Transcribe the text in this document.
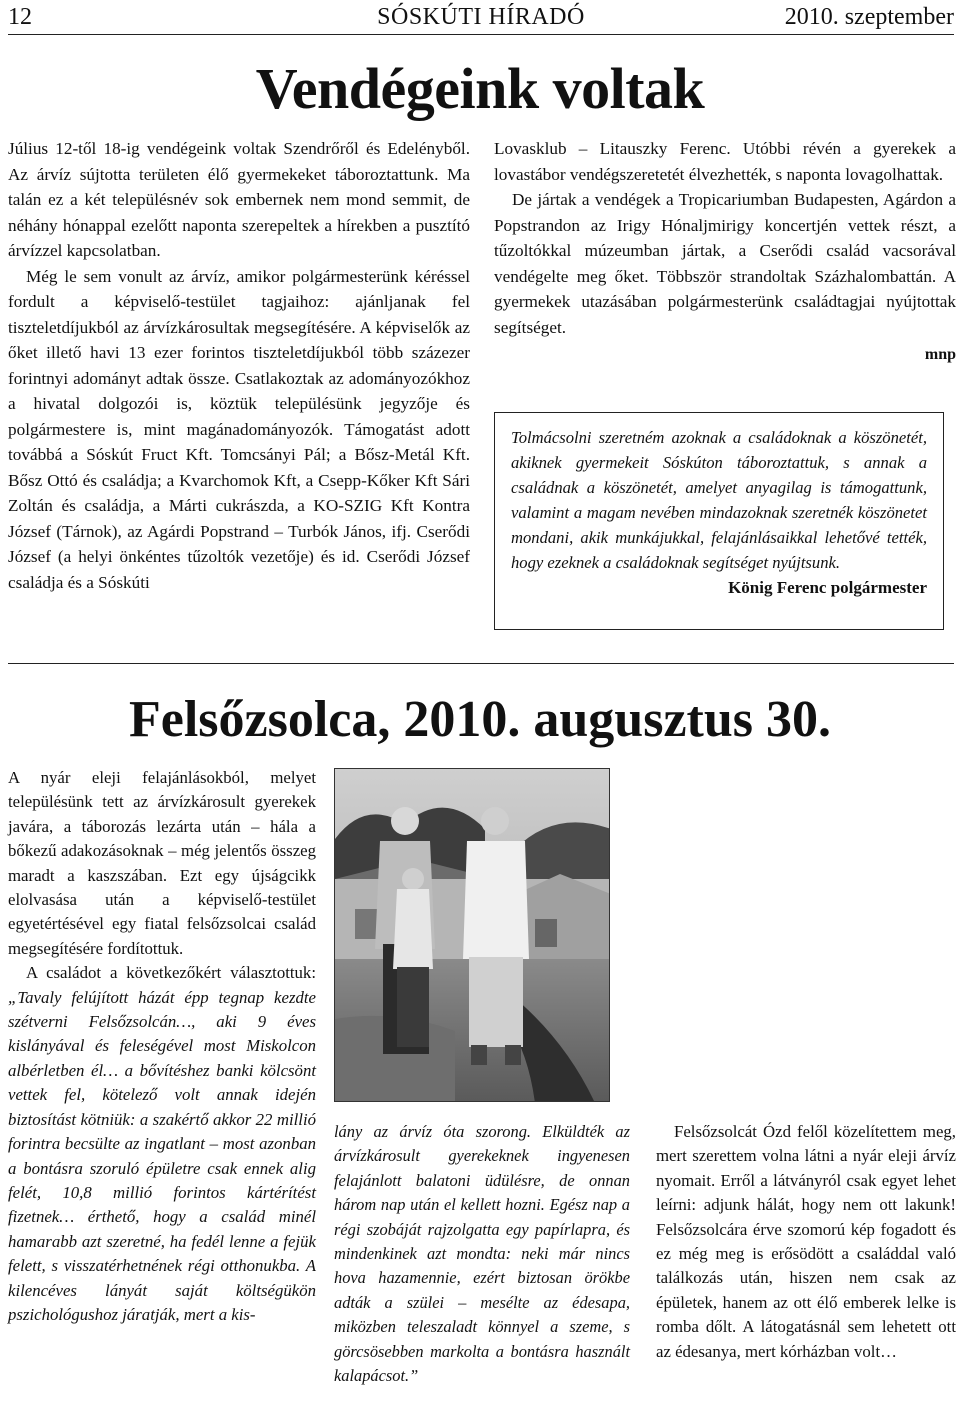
12	SÓSKÚTI HÍRADÓ	2010. szeptember
Vendégeink voltak

Július 12-től 18-ig vendégeink voltak Szendrőről és Edelényből. Az árvíz sújtotta területen élő gyermekeket táboroztattunk. Ma talán ez a két településnév sok embernek nem mond semmit, de néhány hónappal ezelőtt naponta szerepeltek a hírekben a pusztító árvízzel kapcsolatban.

Még le sem vonult az árvíz, amikor polgármesterünk kéréssel fordult a képviselő-testület tagjaihoz: ajánljanak fel tiszteletdíjukból az árvízkárosultak megsegítésére. A képviselők az őket illető havi 13 ezer forintos tiszteletdíjukból több százezer forintnyi adományt adtak össze. Csatlakoztak az adományozókhoz a hivatal dolgozói is, köztük településünk jegyzője és polgármestere is, mint magánadományozók. Támogatást adott továbbá a Sóskút Fruct Kft. Tomcsányi Pál; a Bősz-Metál Kft. Bősz Ottó és családja; a Kvarchomok Kft, a Csepp-Kőker Kft Sári Zoltán és családja, a Márti cukrászda, a KO-SZIG Kft Kontra József (Tárnok), az Agárdi Popstrand – Turbók János, ifj. Cserődi József (a helyi önkéntes tűzoltók vezetője) és id. Cserődi József családja és a Sóskúti

Lovasklub – Litauszky Ferenc. Utóbbi révén a gyerekek a lovastábor vendégszeretetét élvezhették, s naponta lovagolhattak.

De jártak a vendégek a Tropicariumban Budapesten, Agárdon a Popstrandon az Irigy Hónaljmirigy koncertjén vettek részt, a tűzoltókkal múzeumban jártak, a Cserődi család vacsorával vendégelte meg őket. Többször strandoltak Százhalombattán. A gyermekek utazásában polgármesterünk családtagjai nyújtottak segítséget.

mnp
Tolmácsolni szeretném azoknak a családoknak a köszönetét, akiknek gyermekeit Sóskúton táboroztattuk, s annak a családnak a köszönetét, amelyet anyagilag is támogattunk, valamint a magam nevében mindazoknak szeretnék köszönetet mondani, akik munkájukkal, felajánlásaikkal lehetővé tették, hogy ezeknek a családoknak segítséget nyújtsunk.
König Ferenc polgármester
Felsőzsolca, 2010. augusztus 30.

A nyár eleji felajánlásokból, melyet településünk tett az árvízkárosult gyerekek javára, a táborozás lezárta után – hála a bőkezű adakozásoknak – még jelentős összeg maradt a kaszszában. Ezt egy újságcikk elolvasása után a képviselő-testület egyetértésével egy fiatal felsőzsolcai család megsegítésére fordítottuk.

A családot a következőkért választottuk: „Tavaly felújított házát épp tegnap kezdte szétverni Felsőzsolcán…, aki 9 éves kislányával és feleségével most Miskolcon albérletben él… a bővítéshez banki kölcsönt vettek fel, kötelező volt annak idején biztosítást kötniük: a szakértő akkor 22 millió forintra becsülte az ingatlant – most azonban a bontásra szoruló épületre csak ennek alig felét, 10,8 millió forintos kártérítést fizetnek… érthető, hogy a család minél hamarabb azt szeretné, ha fedél lenne a fejük felett, s visszatérhetnének régi otthonukba. A kilencéves lányát saját költségükön pszichológushoz járatják, mert a kis-

lány az árvíz óta szorong. Elküldték az árvízkárosult gyerekeknek ingyenesen felajánlott balatoni üdülésre, de onnan három nap után el kellett hozni. Egész nap a régi szobáját rajzolgatta egy papírlapra, és mindenkinek azt mondta: neki már nincs hova hazamennie, ezért biztosan örökbe adták a szülei – mesélte az édesapa, miközben teleszaladt könnyel a szeme, s görcsösebben markolta a bontásra használt kalapácsot.”

Felsőzsolcát Ózd felől közelítettem meg, mert szerettem volna látni a nyár eleji árvíz nyomait. Erről a látványról csak egyet lehet leírni: adjunk hálát, hogy nem ott lakunk! Felsőzsolcára érve szomorú kép fogadott és ez még meg is erősödött a családdal való találkozás után, hiszen nem csak az épületek, hanem az ott élő emberek lelke is romba dőlt. A látogatásnál sem lehetett ott az édesanya, mert kórházban volt…
